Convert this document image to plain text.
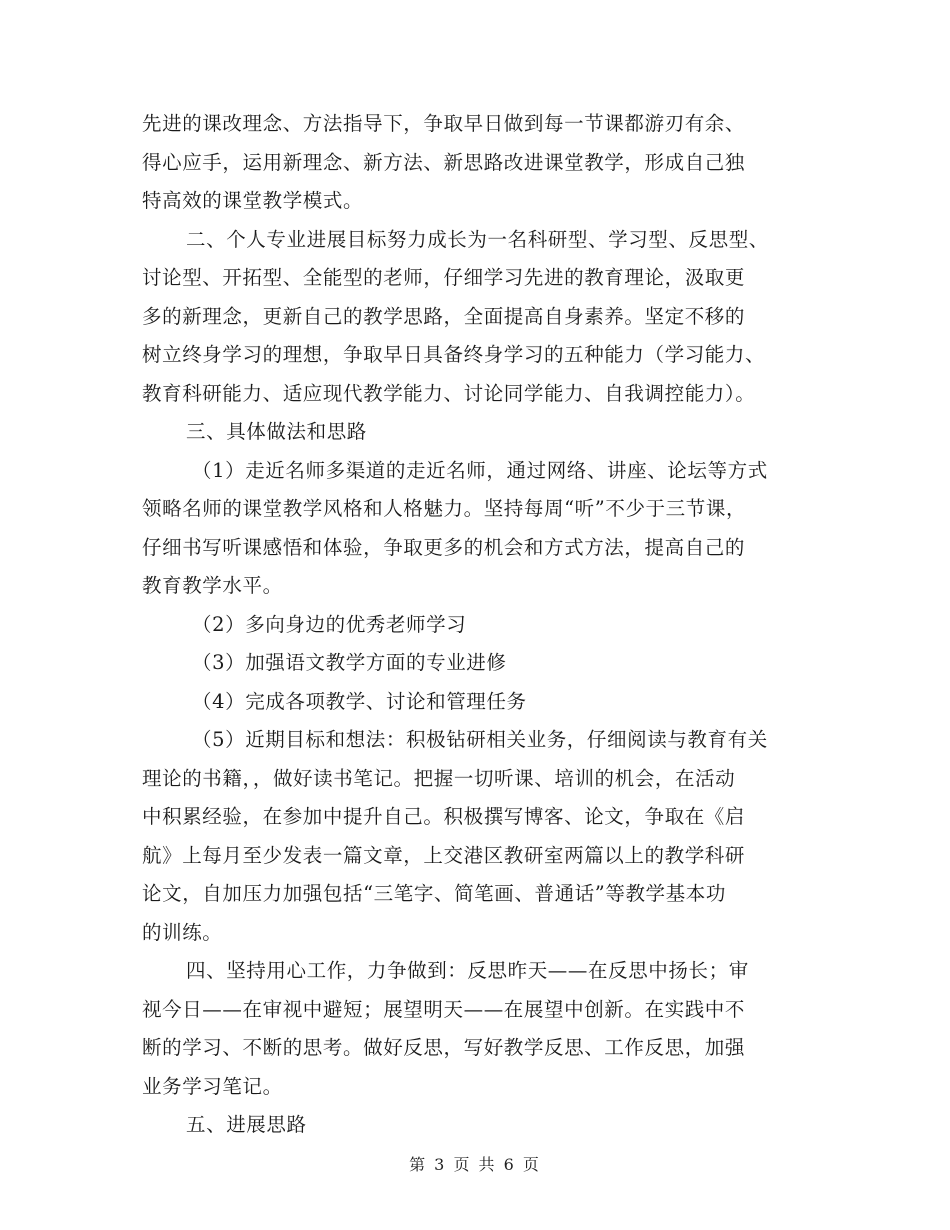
先进的课改理念、方法指导下，争取早日做到每一节课都游刃有余、
得心应手，运用新理念、新方法、新思路改进课堂教学，形成自己独
特高效的课堂教学模式。
二、个人专业进展目标努力成长为一名科研型、学习型、反思型、
讨论型、开拓型、全能型的老师，仔细学习先进的教育理论，汲取更
多的新理念，更新自己的教学思路，全面提高自身素养。坚定不移的
树立终身学习的理想，争取早日具备终身学习的五种能力（学习能力、
教育科研能力、适应现代教学能力、讨论同学能力、自我调控能力）。
三、具体做法和思路
（1）走近名师多渠道的走近名师，通过网络、讲座、论坛等方式
领略名师的课堂教学风格和人格魅力。坚持每周“听”不少于三节课，
仔细书写听课感悟和体验，争取更多的机会和方式方法，提高自己的
教育教学水平。
（2）多向身边的优秀老师学习
（3）加强语文教学方面的专业进修
（4）完成各项教学、讨论和管理任务
（5）近期目标和想法：积极钻研相关业务，仔细阅读与教育有关
理论的书籍，，做好读书笔记。把握一切听课、培训的机会，在活动
中积累经验，在参加中提升自己。积极撰写博客、论文，争取在《启
航》上每月至少发表一篇文章，上交港区教研室两篇以上的教学科研
论文，自加压力加强包括“三笔字、简笔画、普通话”等教学基本功
的训练。
四、坚持用心工作，力争做到：反思昨天——在反思中扬长；审
视今日——在审视中避短；展望明天——在展望中创新。在实践中不
断的学习、不断的思考。做好反思，写好教学反思、工作反思，加强
业务学习笔记。
五、进展思路
第 3 页 共 6 页
